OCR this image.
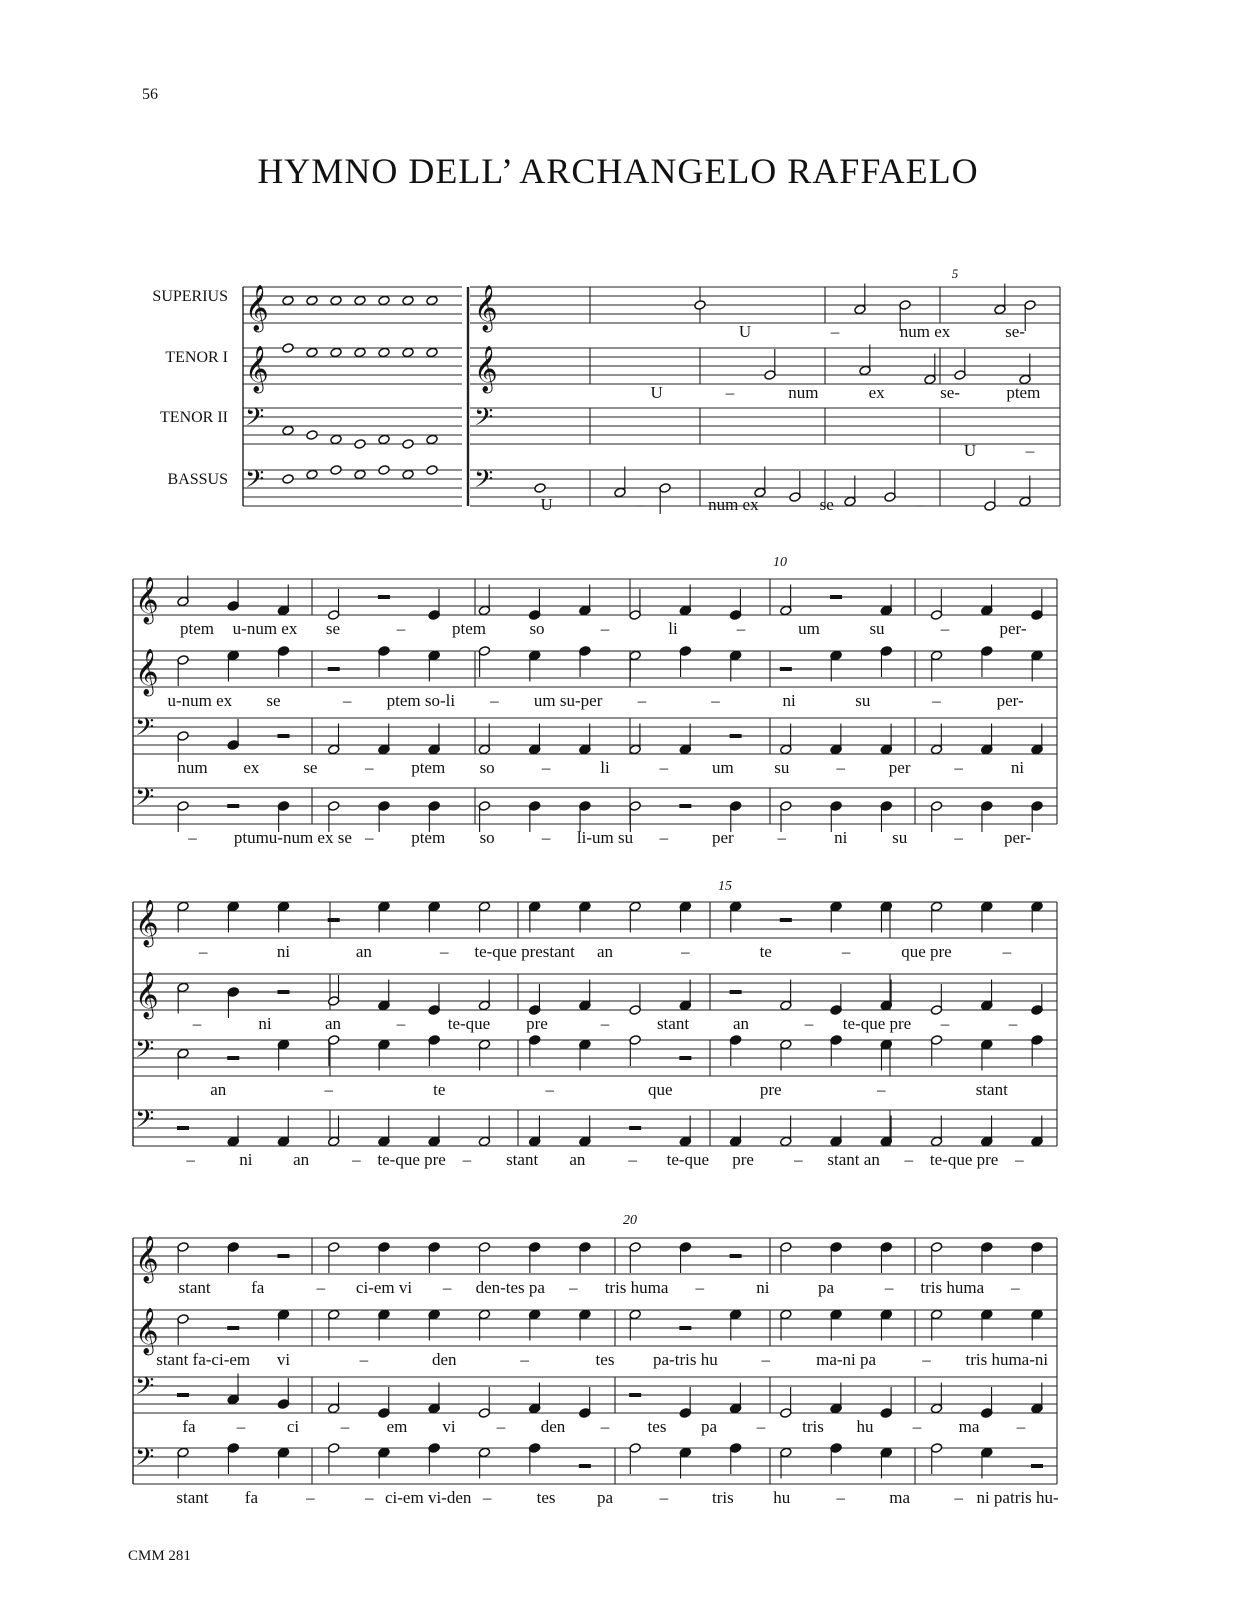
56
HYMNO DELL’ ARCHANGELO RAFFAELO
SUPERIUS 𝄞	𝄞
TENOR I 𝄞	𝄞
TENOR II 𝄢	𝄢
BASSUS 𝄢	𝄢
5
U	–	num ex	se-
U	–	num	ex	se-	ptem
U	–
U	–	num ex	se	–	–
𝄞
𝄞
𝄢
𝄢
10
ptem u-num ex se	–	ptem	so	–	li	–	um	su	–	per-
u-num ex se	– ptem so-li – um su-per –	–	ni	su	–	per-
num ex	se	– ptem so	–	li	–	um su	–	per	–	ni
– ptum u-num ex se – ptem so	– li-um su –	per	–	ni	su	– per-
𝄞
𝄞
𝄢
𝄢
15
–	ni	an	– te-que prestant an	–	te	–	que pre	–
–	ni	an	–	te-que pre	–	stant	an	– te-que pre –	–
an	–	te	–	que	pre	–	stant
–	ni an	– te-que pre – stant an	– te-que pre – stant an – te-que pre –
𝄞
𝄞
𝄢
𝄢
20
stant fa	– ci-em vi – den-tes pa – tris huma –	ni	pa	– tris huma –
stant fa-ci-em vi	–	den	–	tes pa-tris hu	–	ma-ni pa	– tris huma-ni
fa – ci – em vi – den – tes pa – tris hu – ma –
stant fa	–	– ci-em vi-den –	tes pa	–	tris hu	–	ma	– ni patris hu-
CMM 281
